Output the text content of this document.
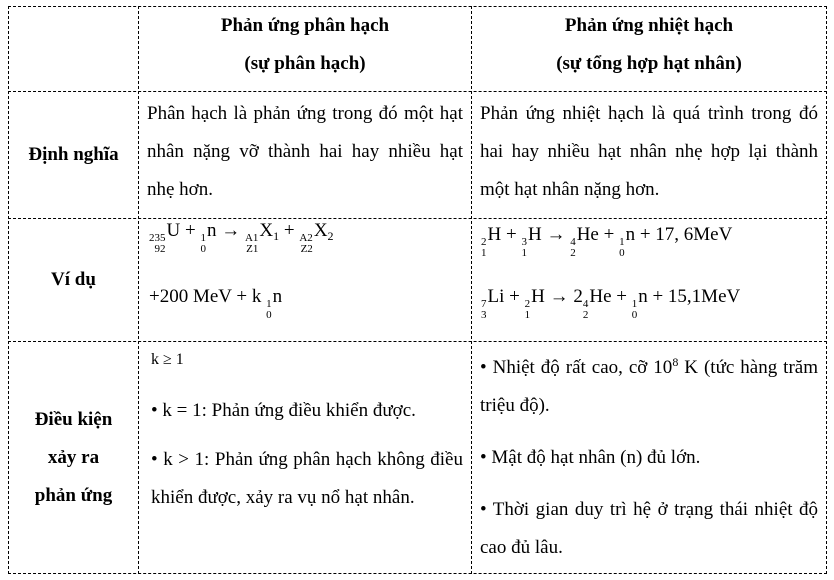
Phản ứng phân hạch
(sự phân hạch)
Phản ứng nhiệt hạch
(sự tổng hợp hạt nhân)
Định nghĩa
Phân hạch là phản ứng trong đó một hạt nhân nặng vỡ thành hai hay nhiều hạt nhẹ hơn.
Phản ứng nhiệt hạch là quá trình trong đó hai hay nhiều hạt nhân nhẹ hợp lại thành một hạt nhân nặng hơn.
Ví dụ
235
92
U + 1
0
n → A1
Z1
$X_1 + A2$
Z2
$X_2$
+200 MeV + k 1
0
n
2
1
H + 3
1
H → 4
2
He + 1
0
n + 17, 6MeV
7
3
Li + 2
1
H → 2 4
2
He + 1
0
n + 15,1MeV
Điều kiện
xảy ra
phản ứng
k ≥ 1
• k = 1: Phản ứng điều khiển được.
• k > 1: Phản ứng phân hạch không điều khiển được, xảy ra vụ nổ hạt nhân.
• Nhiệt độ rất cao, cỡ $10^8$ K (tức hàng trăm triệu độ).
• Mật độ hạt nhân (n) đủ lớn.
• Thời gian duy trì hệ ở trạng thái nhiệt độ cao đủ lâu.
